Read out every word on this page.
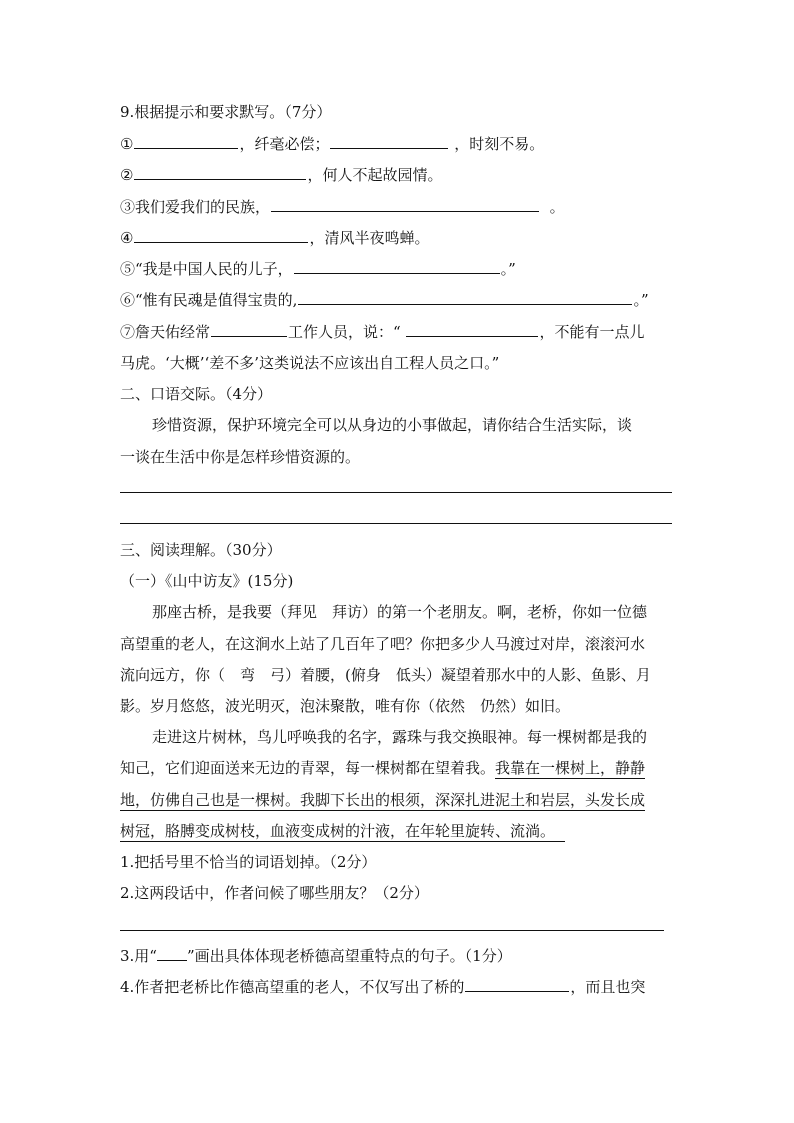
9.根据提示和要求默写。（7分）
①	，纤毫必偿；	，时刻不易。
②	，何人不起故园情。
③我们爱我们的民族，	。
④	，清风半夜鸣蝉。
⑤“我是中国人民的儿子，	。”
⑥“惟有民魂是值得宝贵的,	。”
⑦詹天佑经常	工作人员，说：“	，不能有一点儿
马虎。‘大概’‘差不多’这类说法不应该出自工程人员之口。”
二、口语交际。（4分）
珍惜资源，保护环境完全可以从身边的小事做起，请你结合生活实际，谈
一谈在生活中你是怎样珍惜资源的。
三、阅读理解。（30分）
（一）《山中访友》(15分)
那座古桥，是我要（拜见　拜访）的第一个老朋友。啊，老桥，你如一位德
高望重的老人，在这涧水上站了几百年了吧？你把多少人马渡过对岸，滚滚河水
流向远方，你（　弯　弓）着腰，(俯身　低头）凝望着那水中的人影、鱼影、月
影。岁月悠悠，波光明灭，泡沫聚散，唯有你（依然　仍然）如旧。
走进这片树林，鸟儿呼唤我的名字，露珠与我交换眼神。每一棵树都是我的
知己，它们迎面送来无边的青翠，每一棵树都在望着我。我靠在一棵树上，静静
地，仿佛自己也是一棵树。我脚下长出的根须，深深扎进泥土和岩层，头发长成
树冠，胳膊变成树枝，血液变成树的汁液，在年轮里旋转、流淌。
1.把括号里不恰当的词语划掉。（2分）
2.这两段话中，作者问候了哪些朋友？（2分）
3.用“ ”画出具体体现老桥德高望重特点的句子。（1分）
4.作者把老桥比作德高望重的老人，不仅写出了桥的	，而且也突
